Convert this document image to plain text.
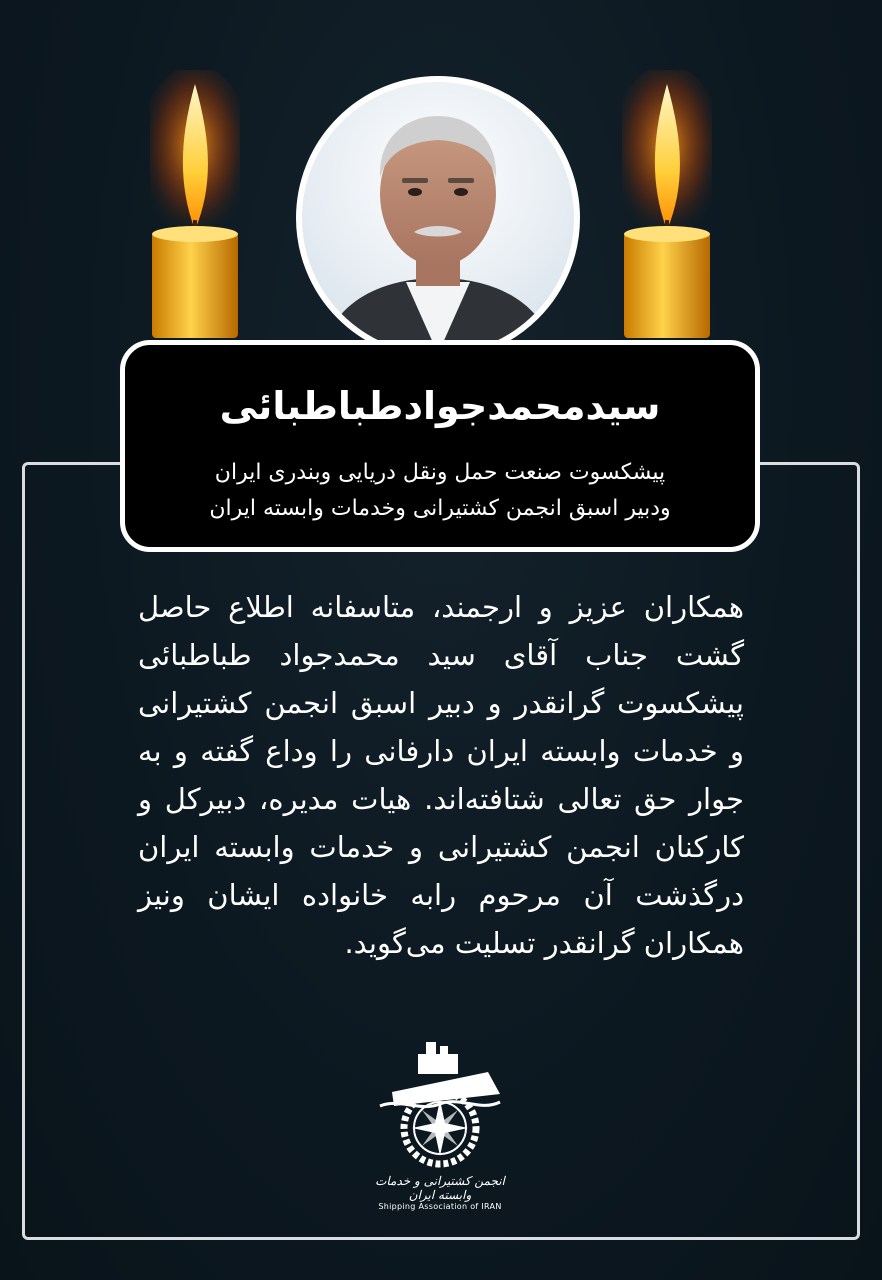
سیدمحمدجوادطباطبائی
پیشکسوت صنعت حمل ونقل دریایی وبندری ایران
ودبیر اسبق انجمن کشتیرانی وخدمات وابسته ایران
همکاران عزیز و ارجمند، متاسفانه اطلاع حاصل گشت جناب آقای سید محمدجواد طباطبائی پیشکسوت گرانقدر و دبیر اسبق انجمن کشتیرانی و خدمات وابسته ایران دارفانی را وداع گفته و به جوار حق تعالی شتافته‌اند. هیات مدیره، دبیرکل و کارکنان انجمن کشتیرانی و خدمات وابسته ایران درگذشت آن مرحوم رابه خانواده ایشان ونیز همکاران گرانقدر تسلیت می‌گوید.
انجمن کشتیرانی و خدمات وابسته ایران
Shipping Association of IRAN
